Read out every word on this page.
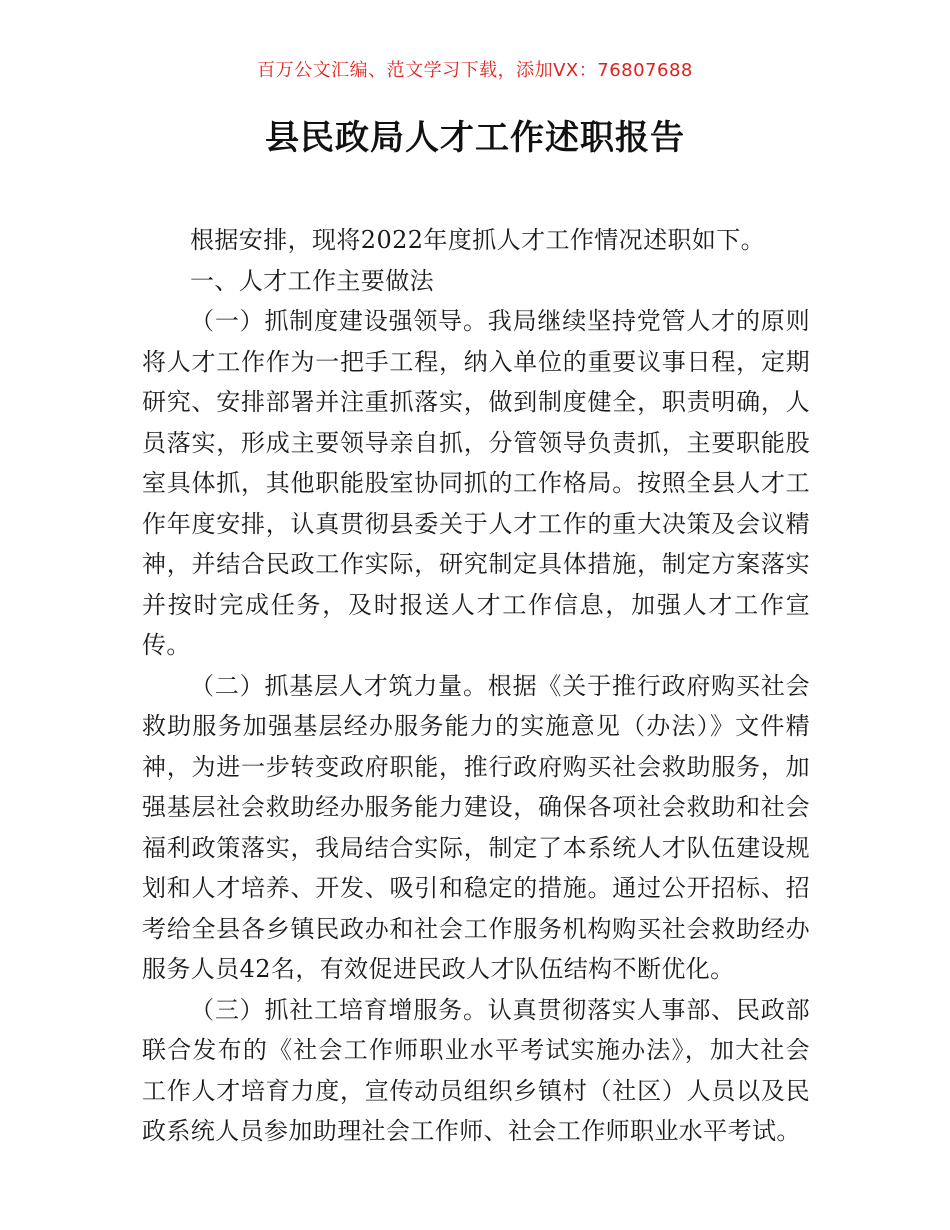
百万公文汇编、范文学习下载，添加VX：76807688
县民政局人才工作述职报告

根据安排，现将2022年度抓人才工作情况述职如下。

一、人才工作主要做法

（一）抓制度建设强领导。我局继续坚持党管人才的原则将人才工作作为一把手工程，纳入单位的重要议事日程，定期研究、安排部署并注重抓落实，做到制度健全，职责明确，人员落实，形成主要领导亲自抓，分管领导负责抓，主要职能股室具体抓，其他职能股室协同抓的工作格局。按照全县人才工作年度安排，认真贯彻县委关于人才工作的重大决策及会议精神，并结合民政工作实际，研究制定具体措施，制定方案落实并按时完成任务，及时报送人才工作信息，加强人才工作宣传。

（二）抓基层人才筑力量。根据《关于推行政府购买社会救助服务加强基层经办服务能力的实施意见（办法）》文件精神，为进一步转变政府职能，推行政府购买社会救助服务，加强基层社会救助经办服务能力建设，确保各项社会救助和社会福利政策落实，我局结合实际，制定了本系统人才队伍建设规划和人才培养、开发、吸引和稳定的措施。通过公开招标、招考给全县各乡镇民政办和社会工作服务机构购买社会救助经办服务人员42名，有效促进民政人才队伍结构不断优化。

（三）抓社工培育增服务。认真贯彻落实人事部、民政部联合发布的《社会工作师职业水平考试实施办法》，加大社会工作人才培育力度，宣传动员组织乡镇村（社区）人员以及民政系统人员参加助理社会工作师、社会工作师职业水平考试。
